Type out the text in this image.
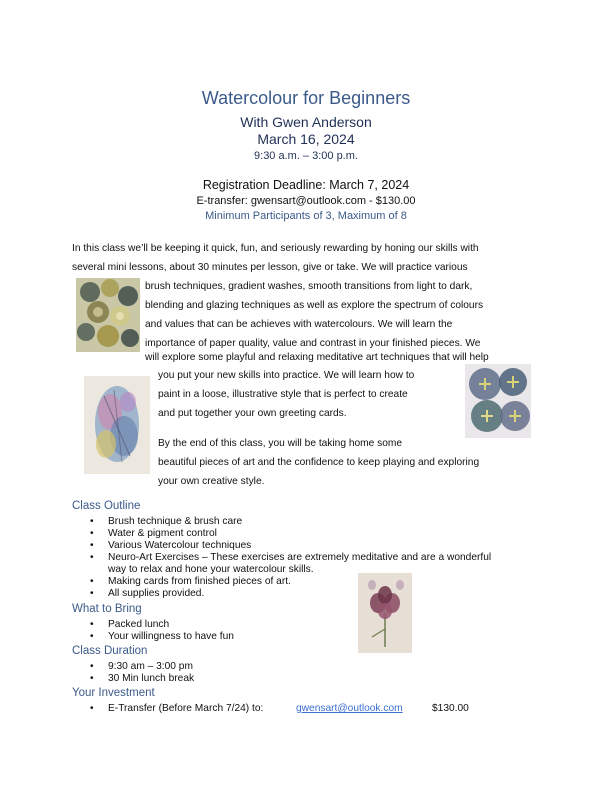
Watercolour for Beginners
With Gwen Anderson
March 16, 2024
9:30 a.m. – 3:00 p.m.
Registration Deadline: March 7, 2024
E-transfer: gwensart@outlook.com - $130.00
Minimum Participants of 3, Maximum of 8
In this class we’ll be keeping it quick, fun, and seriously rewarding by honing our skills with
several mini lessons, about 30 minutes per lesson, give or take. We will practice various
brush techniques, gradient washes, smooth transitions from light to dark,
blending and glazing techniques as well as explore the spectrum of colours
and values that can be achieves with watercolours. We will learn the
importance of paper quality, value and contrast in your finished pieces. We
will explore some playful and relaxing meditative art techniques that will help
you put your new skills into practice. We will learn how to
paint in a loose, illustrative style that is perfect to create
and put together your own greeting cards.
By the end of this class, you will be taking home some
beautiful pieces of art and the confidence to keep playing and exploring
your own creative style.
Class Outline
• Brush technique & brush care
• Water & pigment control
• Various Watercolour techniques
• Neuro-Art Exercises – These exercises are extremely meditative and are a wonderful
way to relax and hone your watercolour skills.
• Making cards from finished pieces of art.
• All supplies provided.
What to Bring
• Packed lunch
• Your willingness to have fun
Class Duration
• 9:30 am – 3:00 pm
• 30 Min lunch break
Your Investment
• E-Transfer (Before March 7/24) to:	gwensart@outlook.com	$130.00
